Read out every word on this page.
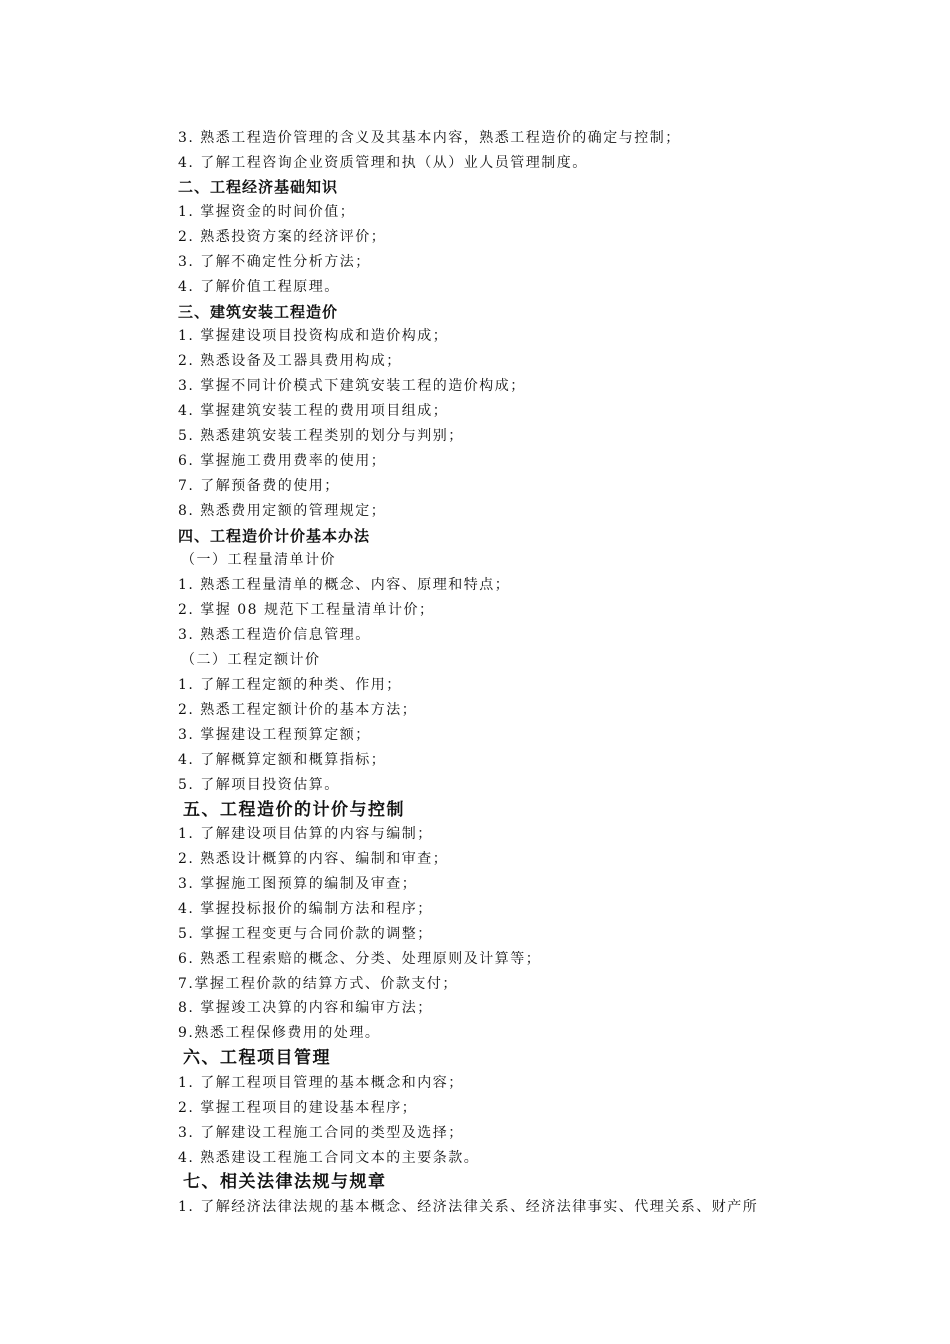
3. 熟悉工程造价管理的含义及其基本内容，熟悉工程造价的确定与控制；

4. 了解工程咨询企业资质管理和执（从）业人员管理制度。

二、工程经济基础知识

1. 掌握资金的时间价值；

2. 熟悉投资方案的经济评价；

3. 了解不确定性分析方法；

4. 了解价值工程原理。

三、建筑安装工程造价

1. 掌握建设项目投资构成和造价构成；

2. 熟悉设备及工器具费用构成；

3. 掌握不同计价模式下建筑安装工程的造价构成；

4. 掌握建筑安装工程的费用项目组成；

5. 熟悉建筑安装工程类别的划分与判别；

6. 掌握施工费用费率的使用；

7. 了解预备费的使用；

8. 熟悉费用定额的管理规定；

四、工程造价计价基本办法

（一）工程量清单计价

1. 熟悉工程量清单的概念、内容、原理和特点；

2. 掌握 08 规范下工程量清单计价；

3. 熟悉工程造价信息管理。

（二）工程定额计价

1. 了解工程定额的种类、作用；

2. 熟悉工程定额计价的基本方法；

3. 掌握建设工程预算定额；

4. 了解概算定额和概算指标；

5. 了解项目投资估算。

五、工程造价的计价与控制

1. 了解建设项目估算的内容与编制；

2. 熟悉设计概算的内容、编制和审查；

3. 掌握施工图预算的编制及审查；

4. 掌握投标报价的编制方法和程序；

5. 掌握工程变更与合同价款的调整；

6. 熟悉工程索赔的概念、分类、处理原则及计算等；

7.掌握工程价款的结算方式、价款支付；

8. 掌握竣工决算的内容和编审方法；

9.熟悉工程保修费用的处理。

六、工程项目管理

1. 了解工程项目管理的基本概念和内容；

2. 掌握工程项目的建设基本程序；

3. 了解建设工程施工合同的类型及选择；

4. 熟悉建设工程施工合同文本的主要条款。

七、相关法律法规与规章

1. 了解经济法律法规的基本概念、经济法律关系、经济法律事实、代理关系、财产所
